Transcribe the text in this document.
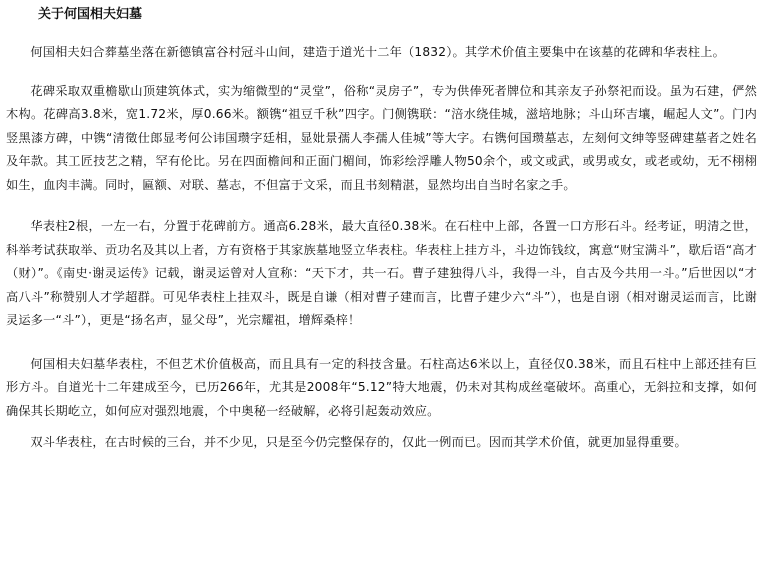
关于何国相夫妇墓

何国相夫妇合葬墓坐落在新德镇富谷村冠斗山间，建造于道光十二年（1832）。其学术价值主要集中在该墓的花碑和华表柱上。

花碑采取双重檐歇山顶建筑体式，实为缩微型的“灵堂”，俗称“灵房子”，专为供俸死者牌位和其亲友子孙祭祀而设。虽为石建，俨然木构。花碑高3.8米，宽1.72米，厚0.66米。额镌“祖豆千秋”四字。门侧镌联：“涪水绕佳城，滋培地脉；斗山环吉壤，崛起人文”。门内竖黑漆方碑，中镌“清徵仕郎显考何公讳国瓒字廷相，显妣景孺人李孺人佳城”等大字。右镌何国瓒墓志，左刻何文绅等竖碑建墓者之姓名及年款。其工匠技艺之精，罕有伦比。另在四面檐间和正面门楣间，饰彩绘浮雕人物50余个，或文或武，或男或女，或老或幼，无不栩栩如生，血肉丰满。同时，匾额、对联、墓志，不但富于文采，而且书刻精湛，显然均出自当时名家之手。

华表柱2根，一左一右，分置于花碑前方。通高6.28米，最大直径0.38米。在石柱中上部，各置一口方形石斗。经考证，明清之世，科举考试获取举、贡功名及其以上者，方有资格于其家族墓地竖立华表柱。华表柱上挂方斗，斗边饰钱纹，寓意“财宝满斗”，歇后语“高才（财）”。《南史·谢灵运传》记载，谢灵运曾对人宣称：“天下才，共一石。曹子建独得八斗，我得一斗，自古及今共用一斗。”后世因以“才高八斗”称赞别人才学超群。可见华表柱上挂双斗，既是自谦（相对曹子建而言，比曹子建少六“斗”），也是自诩（相对谢灵运而言，比谢灵运多一“斗”），更是“扬名声，显父母”，光宗耀祖，增辉桑梓！

何国相夫妇墓华表柱，不但艺术价值极高，而且具有一定的科技含量。石柱高达6米以上，直径仅0.38米，而且石柱中上部还挂有巨形方斗。自道光十二年建成至今，已历266年，尤其是2008年“5.12”特大地震，仍未对其构成丝毫破坏。高重心，无斜拉和支撑，如何确保其长期屹立，如何应对强烈地震，个中奥秘一经破解，必将引起轰动效应。

双斗华表柱，在古时候的三台，并不少见，只是至今仍完整保存的，仅此一例而已。因而其学术价值，就更加显得重要。
